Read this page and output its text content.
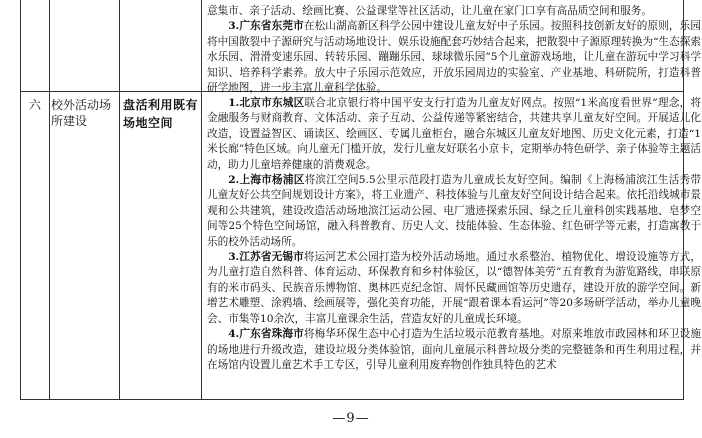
意集市、亲子活动、绘画比赛、公益课堂等社区活动，让儿童在家门口享有高品质空间和服务。

3.广东省东莞市在松山湖高新区科学公园中建设儿童友好中子乐园。按照科技创新友好的原则，乐园将中国散裂中子源研究与活动场地设计、娱乐设施配套巧妙结合起来，把散裂中子源原理转换为“生态探索水乐园、滑滑变速乐园、转转乐园、蹦蹦乐园、球球微乐园”5个儿童游戏场地，让儿童在游玩中学习科学知识、培养科学素养。放大中子乐园示范效应，开放乐园周边的实验室、产业基地、科研院所，打造科普研学地图，进一步丰富儿童科学体验。

六 校外活动场所建设
盘活利用既有场地空间

1.北京市东城区联合北京银行将中国平安支行打造为儿童友好网点。按照“1米高度看世界”理念，将金融服务与财商教育、文体活动、亲子互动、公益传递等紧密结合，共建共享儿童友好空间。开展适儿化改造，设置益智区、诵读区、绘画区、专属儿童柜台，融合东城区儿童友好地图、历史文化元素，打造“1米长廊”特色区域。向儿童无门槛开放，发行儿童友好联名小京卡，定期举办特色研学、亲子体验等主题活动，助力儿童培养健康的消费观念。

2.上海市杨浦区将滨江空间5.5公里示范段打造为儿童成长友好空间。编制《上海杨浦滨江生活秀带儿童友好公共空间规划设计方案》，将工业遗产、科技体验与儿童友好空间设计结合起来。依托沿线城市景观和公共建筑，建设改造活动场地滨江运动公园、电厂遗迹探索乐园、绿之丘儿童科创实践基地、皂梦空间等25个特色空间场馆，融入科普教育、历史人文、技能体验、生态体验、红色研学等元素，打造寓教于乐的校外活动场所。

3.江苏省无锡市将运河艺术公园打造为校外活动场地。通过水系整治、植物优化、增设设施等方式，为儿童打造自然科普、体育运动、环保教育和乡村体验区，以“德智体美劳”五育教育为游览路线，串联原有的米市码头、民族音乐博物馆、奥林匹克纪念馆、周怀民藏画馆等历史遗存，建设开放的游学空间。新增艺术雕塑、涂鸦墙、绘画展等，强化美育功能，开展“跟着课本看运河”等20多场研学活动，举办儿童晚会、市集等10余次，丰富儿童课余生活，营造友好的儿童成长环境。

4.广东省珠海市将梅华环保生态中心打造为生活垃圾示范教育基地。对原来堆放市政园林和环卫设施的场地进行升级改造，建设垃圾分类体验馆，面向儿童展示科普垃圾分类的完整链条和再生利用过程，并在场馆内设置儿童艺术手工专区，引导儿童利用废弃物创作独具特色的艺术

—9—
